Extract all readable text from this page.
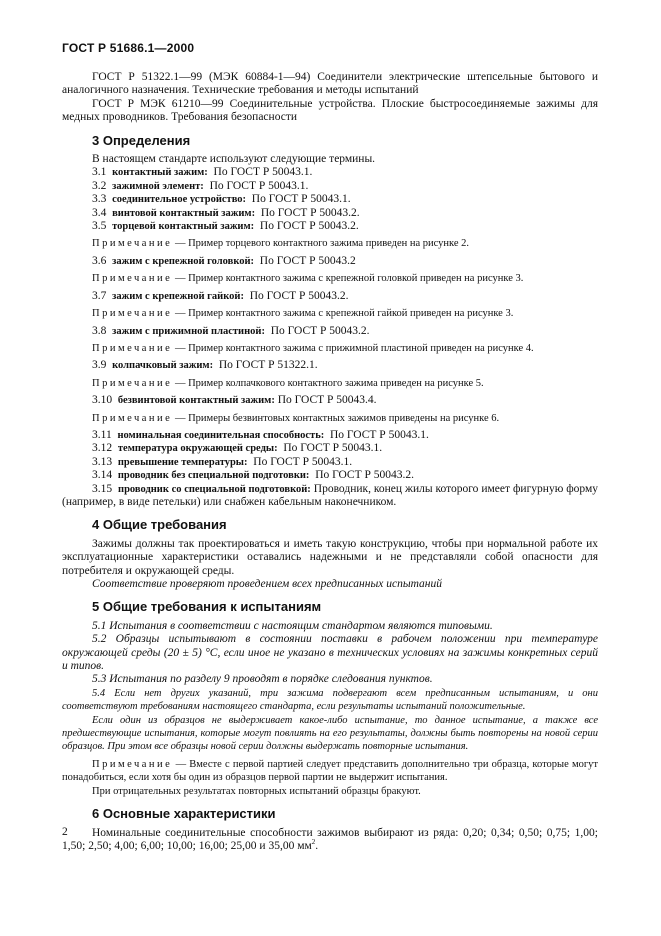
ГОСТ Р 51686.1—2000

ГОСТ Р 51322.1—99 (МЭК 60884-1—94) Соединители электрические штепсельные бытового и аналогичного назначения. Технические требования и методы испытаний

ГОСТ Р МЭК 61210—99 Соединительные устройства. Плоские быстросоединяемые зажимы для медных проводников. Требования безопасности

3 Определения

В настоящем стандарте используют следующие термины.

3.1 контактный зажим: По ГОСТ Р 50043.1.

3.2 зажимной элемент: По ГОСТ Р 50043.1.

3.3 соединительное устройство: По ГОСТ Р 50043.1.

3.4 винтовой контактный зажим: По ГОСТ Р 50043.2.

3.5 торцевой контактный зажим: По ГОСТ Р 50043.2.

Примечание — Пример торцевого контактного зажима приведен на рисунке 2.

3.6 зажим с крепежной головкой: По ГОСТ Р 50043.2

Примечание — Пример контактного зажима с крепежной головкой приведен на рисунке 3.

3.7 зажим с крепежной гайкой: По ГОСТ Р 50043.2.

Примечание — Пример контактного зажима с крепежной гайкой приведен на рисунке 3.

3.8 зажим с прижимной пластиной: По ГОСТ Р 50043.2.

Примечание — Пример контактного зажима с прижимной пластиной приведен на рисунке 4.

3.9 колпачковый зажим: По ГОСТ Р 51322.1.

Примечание — Пример колпачкового контактного зажима приведен на рисунке 5.

3.10 безвинтовой контактный зажим: По ГОСТ Р 50043.4.

Примечание — Примеры безвинтовых контактных зажимов приведены на рисунке 6.

3.11 номинальная соединительная способность: По ГОСТ Р 50043.1.

3.12 температура окружающей среды: По ГОСТ Р 50043.1.

3.13 превышение температуры: По ГОСТ Р 50043.1.

3.14 проводник без специальной подготовки: По ГОСТ Р 50043.2.

3.15 проводник со специальной подготовкой: Проводник, конец жилы которого имеет фигурную форму (например, в виде петельки) или снабжен кабельным наконечником.

4 Общие требования

Зажимы должны так проектироваться и иметь такую конструкцию, чтобы при нормальной работе их эксплуатационные характеристики оставались надежными и не представляли собой опасности для потребителя и окружающей среды.

Соответствие проверяют проведением всех предписанных испытаний

5 Общие требования к испытаниям

5.1 Испытания в соответствии с настоящим стандартом являются типовыми.

5.2 Образцы испытывают в состоянии поставки в рабочем положении при температуре окружающей среды (20 ± 5) °С, если иное не указано в технических условиях на зажимы конкретных серий и типов.

5.3 Испытания по разделу 9 проводят в порядке следования пунктов.

5.4 Если нет других указаний, три зажима подвергают всем предписанным испытаниям, и они соответствуют требованиям настоящего стандарта, если результаты испытаний положительные.

Если один из образцов не выдерживает какое-либо испытание, то данное испытание, а также все предшествующие испытания, которые могут повлиять на его результаты, должны быть повторены на новой серии образцов. При этом все образцы новой серии должны выдержать повторные испытания.

Примечание — Вместе с первой партией следует представить дополнительно три образца, которые могут понадобиться, если хотя бы один из образцов первой партии не выдержит испытания.

При отрицательных результатах повторных испытаний образцы бракуют.

6 Основные характеристики

Номинальные соединительные способности зажимов выбирают из ряда: 0,20; 0,34; 0,50; 0,75; 1,00; 1,50; 2,50; 4,00; 6,00; 10,00; 16,00; 25,00 и 35,00 $мм^2$.

2
